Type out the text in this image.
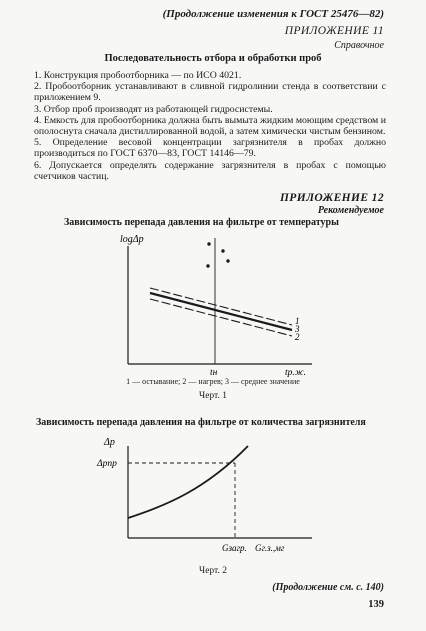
(Продолжение изменения к ГОСТ 25476—82)
ПРИЛОЖЕНИЕ 11
Справочное
Последовательность отбора и обработки проб

1. Конструкция пробоотборника — по ИСО 4021.

2. Пробоотборник устанавливают в сливной гидролинии стенда в соответствии с приложением 9.

3. Отбор проб производят из работающей гидросистемы.

4. Емкость для пробоотборника должна быть вымыта жидким моющим средством и ополоснута сначала дистиллированной водой, а затем химически чистым бензином.

5. Определение весовой концентрации загрязнителя в пробах должно производиться по ГОСТ 6370—83, ГОСТ 14146—79.

6. Допускается определять содержание загрязнителя в пробах с помощью счетчиков частиц.

ПРИЛОЖЕНИЕ 12
Рекомендуемое
Зависимость перепада давления на фильтре от температуры
logΔp
tн	tр.ж.
1
3
2
1 — остывание; 2 — нагрев; 3 — среднее значение
Черт. 1
Зависимость перепада давления на фильтре от количества загрязнителя
Δp
Δpпр
Gзагр. Gг.з.,мг
Черт. 2
(Продолжение см. с. 140)
139
